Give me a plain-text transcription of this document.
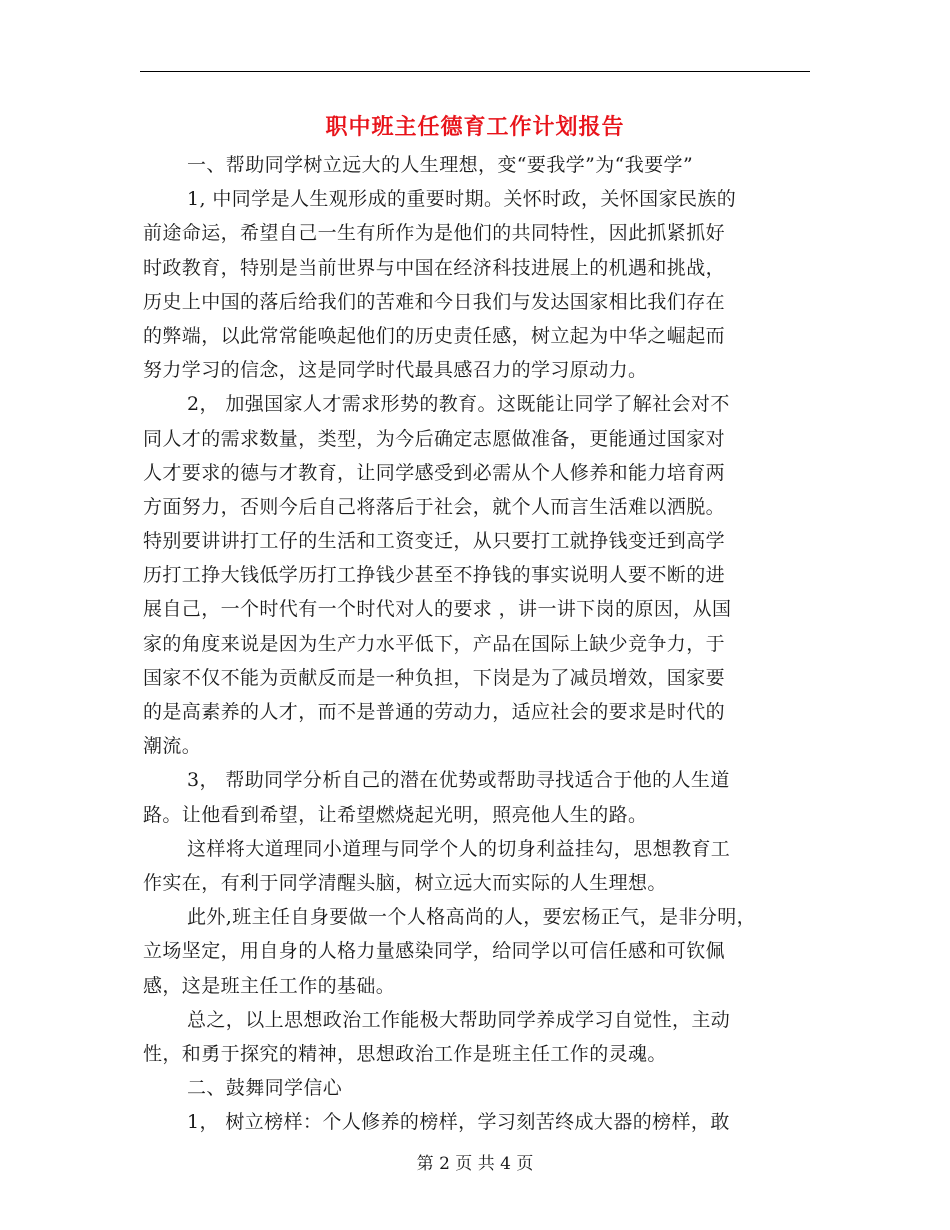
职中班主任德育工作计划报告
一、帮助同学树立远大的人生理想，变“要我学”为“我要学”
1, 中同学是人生观形成的重要时期。关怀时政，关怀国家民族的
前途命运，希望自己一生有所作为是他们的共同特性，因此抓紧抓好
时政教育，特别是当前世界与中国在经济科技进展上的机遇和挑战，
历史上中国的落后给我们的苦难和今日我们与发达国家相比我们存在
的弊端，以此常常能唤起他们的历史责任感，树立起为中华之崛起而
努力学习的信念，这是同学时代最具感召力的学习原动力。
2， 加强国家人才需求形势的教育。这既能让同学了解社会对不
同人才的需求数量，类型，为今后确定志愿做准备，更能通过国家对
人才要求的德与才教育，让同学感受到必需从个人修养和能力培育两
方面努力，否则今后自己将落后于社会，就个人而言生活难以洒脱。
特别要讲讲打工仔的生活和工资变迁，从只要打工就挣钱变迁到高学
历打工挣大钱低学历打工挣钱少甚至不挣钱的事实说明人要不断的进
展自己，一个时代有一个时代对人的要求 ，讲一讲下岗的原因，从国
家的角度来说是因为生产力水平低下，产品在国际上缺少竞争力，于
国家不仅不能为贡献反而是一种负担，下岗是为了减员增效，国家要
的是高素养的人才，而不是普通的劳动力，适应社会的要求是时代的
潮流。
3， 帮助同学分析自己的潜在优势或帮助寻找适合于他的人生道
路。让他看到希望，让希望燃烧起光明，照亮他人生的路。
这样将大道理同小道理与同学个人的切身利益挂勾，思想教育工
作实在，有利于同学清醒头脑，树立远大而实际的人生理想。
此外,班主任自身要做一个人格高尚的人，要宏杨正气，是非分明，
立场坚定，用自身的人格力量感染同学，给同学以可信任感和可钦佩
感，这是班主任工作的基础。
总之，以上思想政治工作能极大帮助同学养成学习自觉性，主动
性，和勇于探究的精神，思想政治工作是班主任工作的灵魂。
二、鼓舞同学信心
1， 树立榜样：个人修养的榜样，学习刻苦终成大器的榜样，敢
第 2 页 共 4 页
